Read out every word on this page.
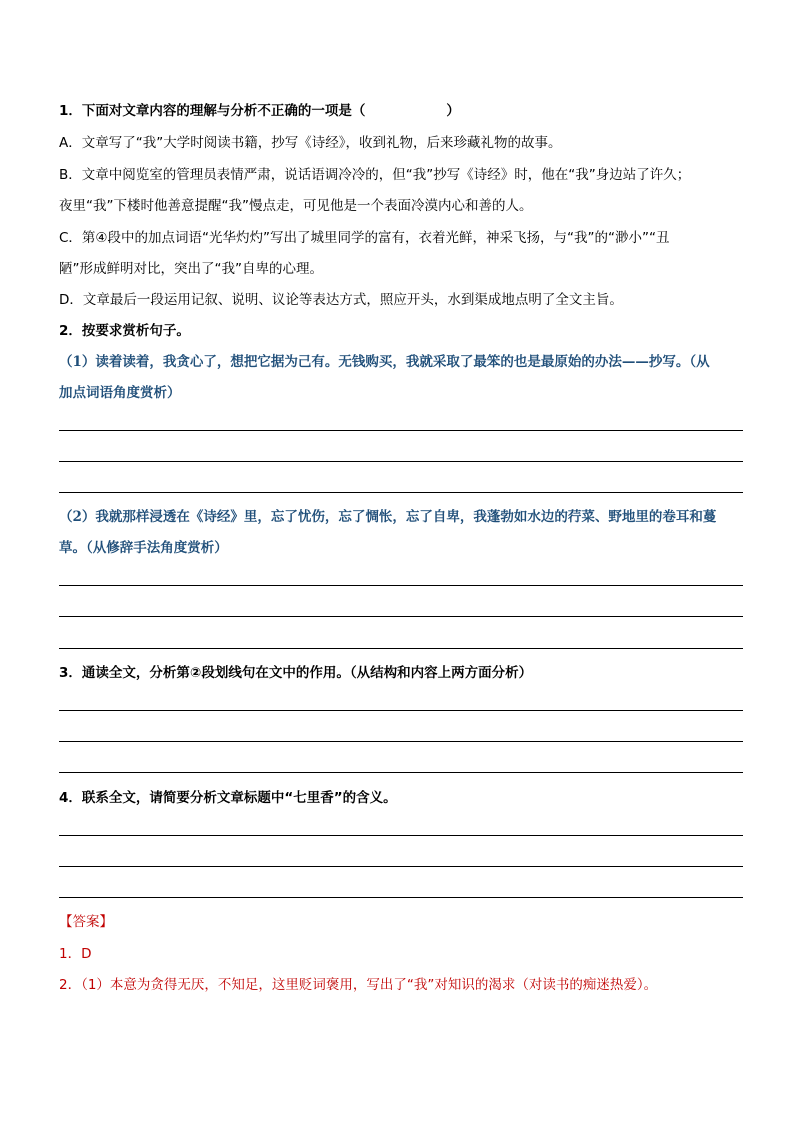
1．下面对文章内容的理解与分析不正确的一项是（　　　　　　）
A．文章写了“我”大学时阅读书籍，抄写《诗经》，收到礼物，后来珍藏礼物的故事。
B．文章中阅览室的管理员表情严肃，说话语调冷冷的，但“我”抄写《诗经》时，他在“我”身边站了许久；
夜里“我”下楼时他善意提醒“我”慢点走，可见他是一个表面冷漠内心和善的人。
C．第④段中的加点词语“光华灼灼”写出了城里同学的富有，衣着光鲜，神采飞扬，与“我”的“渺小”“丑
陋”形成鲜明对比，突出了“我”自卑的心理。
D．文章最后一段运用记叙、说明、议论等表达方式，照应开头，水到渠成地点明了全文主旨。
2．按要求赏析句子。
（1）读着读着，我贪心了，想把它据为己有。无钱购买，我就采取了最笨的也是最原始的办法——抄写。（从
加点词语角度赏析）
（2）我就那样浸透在《诗经》里，忘了忧伤，忘了惆怅，忘了自卑，我蓬勃如水边的荇菜、野地里的卷耳和蔓
草。（从修辞手法角度赏析）
3．通读全文，分析第②段划线句在文中的作用。（从结构和内容上两方面分析）
4．联系全文，请简要分析文章标题中“七里香”的含义。
【答案】
1．D
2．（1）本意为贪得无厌，不知足，这里贬词褒用，写出了“我”对知识的渴求（对读书的痴迷热爱）。
